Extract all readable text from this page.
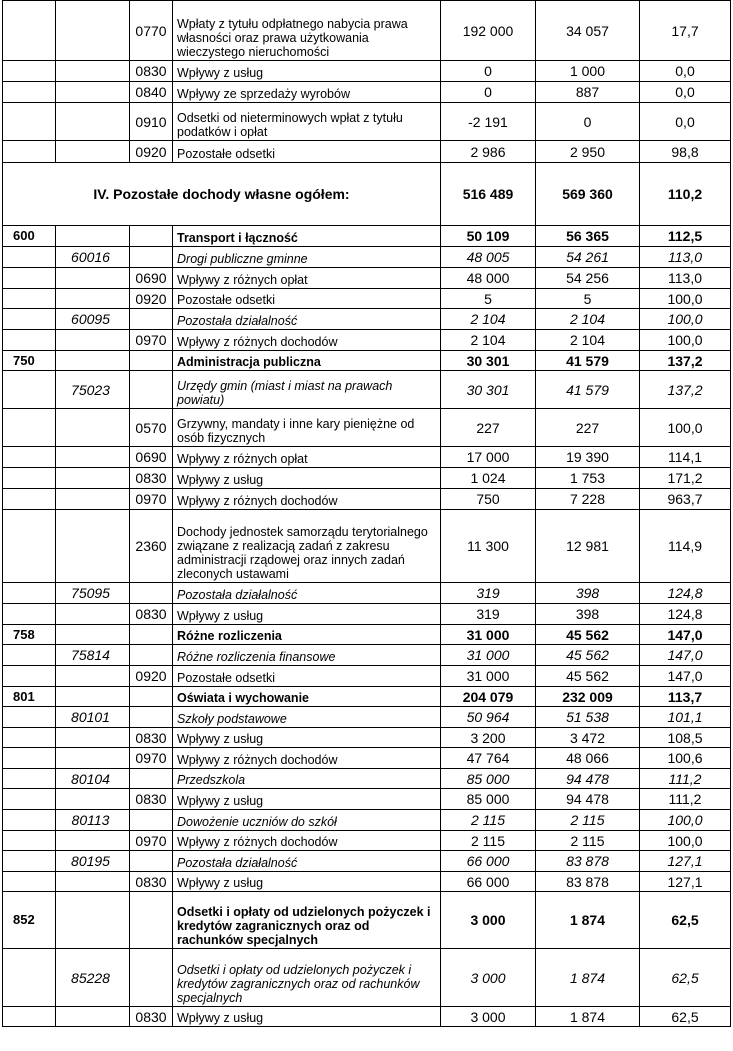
		0770	Wpłaty z tytułu odpłatnego nabycia prawa własności oraz prawa użytkowania wieczystego nieruchomości	192 000	34 057	17,7
		0830	Wpływy z usług	0	1 000	0,0
		0840	Wpływy ze sprzedaży wyrobów	0	887	0,0
		0910	Odsetki od nieterminowych wpłat z tytułu podatków i opłat	-2 191	0	0,0
		0920	Pozostałe odsetki	2 986	2 950	98,8
IV. Pozostałe dochody własne ogółem:				516 489	569 360	110,2
600			Transport i łączność	50 109	56 365	112,5
	60016		Drogi publiczne gminne	48 005	54 261	113,0
		0690	Wpływy z różnych opłat	48 000	54 256	113,0
		0920	Pozostałe odsetki	5	5	100,0
	60095		Pozostała działalność	2 104	2 104	100,0
		0970	Wpływy z różnych dochodów	2 104	2 104	100,0
750			Administracja publiczna	30 301	41 579	137,2
	75023		Urzędy gmin (miast i miast na prawach powiatu)	30 301	41 579	137,2
		0570	Grzywny, mandaty i inne kary pieniężne od osób fizycznych	227	227	100,0
		0690	Wpływy z różnych opłat	17 000	19 390	114,1
		0830	Wpływy z usług	1 024	1 753	171,2
		0970	Wpływy z różnych dochodów	750	7 228	963,7
		2360	Dochody jednostek samorządu terytorialnego związane z realizacją zadań z zakresu administracji rządowej oraz innych zadań zleconych ustawami	11 300	12 981	114,9
	75095		Pozostała działalność	319	398	124,8
		0830	Wpływy z usług	319	398	124,8
758			Różne rozliczenia	31 000	45 562	147,0
	75814		Różne rozliczenia finansowe	31 000	45 562	147,0
		0920	Pozostałe odsetki	31 000	45 562	147,0
801			Oświata i wychowanie	204 079	232 009	113,7
	80101		Szkoły podstawowe	50 964	51 538	101,1
		0830	Wpływy z usług	3 200	3 472	108,5
		0970	Wpływy z różnych dochodów	47 764	48 066	100,6
	80104		Przedszkola	85 000	94 478	111,2
		0830	Wpływy z usług	85 000	94 478	111,2
	80113		Dowożenie uczniów do szkół	2 115	2 115	100,0
		0970	Wpływy z różnych dochodów	2 115	2 115	100,0
	80195		Pozostała działalność	66 000	83 878	127,1
		0830	Wpływy z usług	66 000	83 878	127,1
852			Odsetki i opłaty od udzielonych pożyczek i kredytów zagranicznych oraz od rachunków specjalnych	3 000	1 874	62,5
	85228		Odsetki i opłaty od udzielonych pożyczek i kredytów zagranicznych oraz od rachunków specjalnych	3 000	1 874	62,5
		0830	Wpływy z usług	3 000	1 874	62,5
